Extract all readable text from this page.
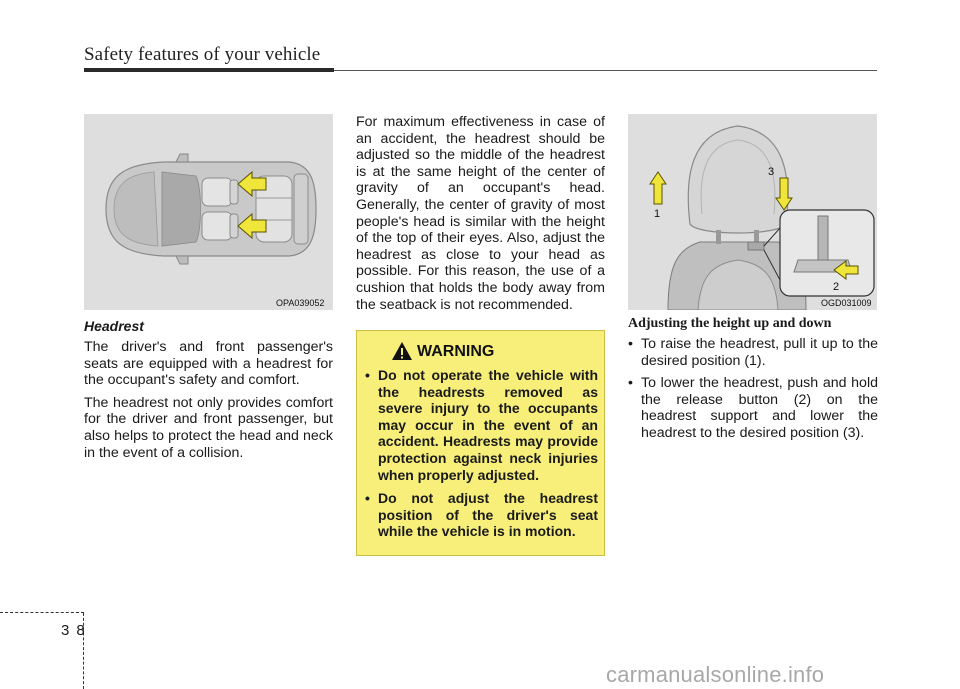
Safety features of your vehicle
OPA039052
Headrest

The driver's and front passenger's seats are equipped with a headrest for the occupant's safety and comfort.

The headrest not only provides comfort for the driver and front passenger, but also helps to protect the head and neck in the event of a collision.

For maximum effectiveness in case of an accident, the headrest should be adjusted so the middle of the headrest is at the same height of the center of gravity of an occupant's head. Generally, the center of gravity of most people's head is similar with the height of the top of their eyes. Also, adjust the headrest as close to your head as possible. For this reason, the use of a cushion that holds the body away from the seatback is not recommended.

WARNING
• Do not operate the vehicle with the headrests removed as severe injury to the occupants may occur in the event of an accident. Headrests may provide protection against neck injuries when properly adjusted.
• Do not adjust the headrest position of the driver's seat while the vehicle is in motion.
1
2
3
OGD031009
Adjusting the height up and down
• To raise the headrest, pull it up to the desired position (1).
• To lower the headrest, push and hold the release button (2) on the headrest support and lower the headrest to the desired position (3).
38
carmanualsonline.info
